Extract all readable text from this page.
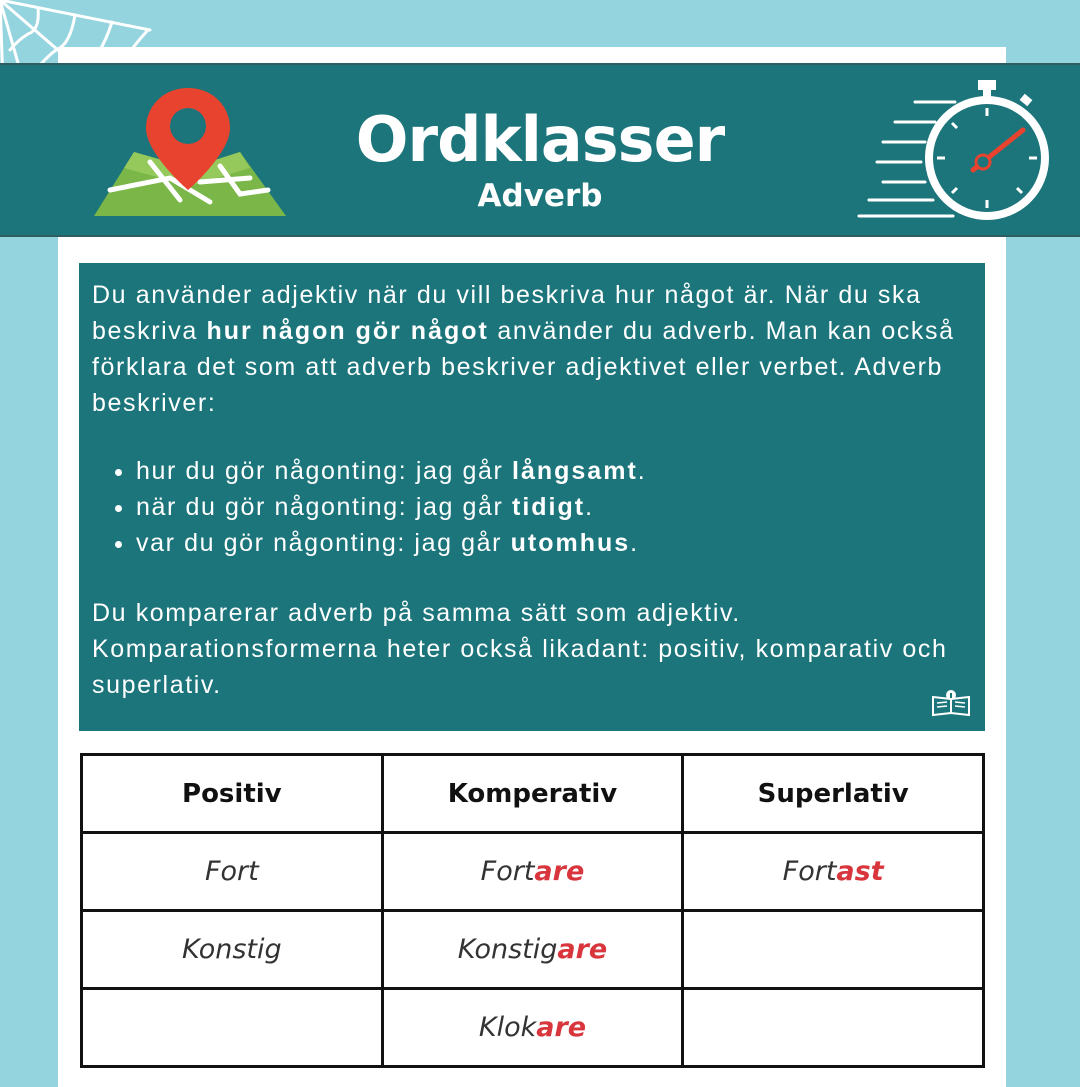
Ordklasser
Adverb

Du använder adjektiv när du vill beskriva hur något är. När du ska beskriva hur någon gör något använder du adverb. Man kan också förklara det som att adverb beskriver adjektivet eller verbet. Adverb beskriver:

• hur du gör någonting: jag går långsamt.
• när du gör någonting: jag går tidigt.
• var du gör någonting: jag går utomhus.

Du komparerar adverb på samma sätt som adjektiv. Komparationsformerna heter också likadant: positiv, komparativ och superlativ.

Positiv	Komperativ	Superlativ
Fort	Fortare	Fortast
Konstig	Konstigare	
	Klokare	
